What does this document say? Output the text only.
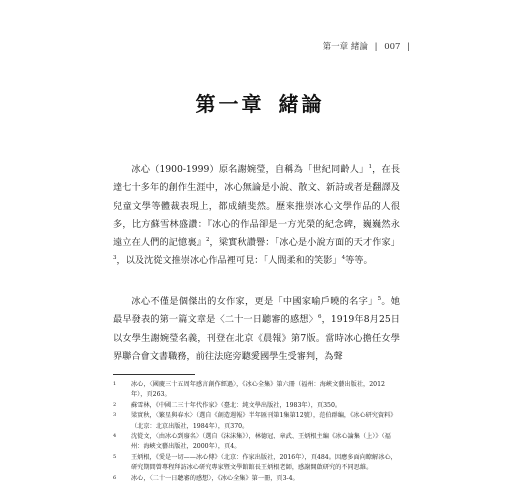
第一章 緒論 | 007 |
第一章 緒論

冰心（1900-1999）原名謝婉瑩，自稱為「世紀同齡人」$^1$，在長達七十多年的創作生涯中，冰心無論是小說、散文、新詩或者是翻譯及兒童文學等體裁表現上，都成績斐然。歷來推崇冰心文學作品的人很多，比方蘇雪林盛讚：『冰心的作品卻是一方光榮的紀念碑，巍巍然永遠立在人們的記憶裏』$^2$，梁實秋讚譽：「冰心是小說方面的天才作家」$^3$，以及沈從文推崇冰心作品裡可見：「人間柔和的笑影」$^4$等等。

冰心不僅是個傑出的女作家，更是「中國家喻戶曉的名字」$^5$。她最早發表的第一篇文章是〈二十一日聽審的感想〉$^6$，1919年8月25日以女學生謝婉瑩名義，刊登在北京《晨報》第7版。當時冰心擔任女學界聯合會文書職務，前往法庭旁聽愛國學生受審判，為聲

1	冰心，〈國慶三十五周年感言創作經過〉，《冰心全集》第六冊（福州：海峽文藝出版社，2012年），頁263。
2	蘇雪林，《中國二三十年代作家》（臺北：純文學出版社，1983年），頁350。
3	梁實秋，〈繁星與春水〉（選自《創造週報》半年匯刊第1集第12號），范伯群編，《冰心研究資料》（北京：北京出版社，1984年），頁370。
4	沈從文，〈由冰心到廢名〉（選自《沫沫集》），林德冠、章武、王炳根主編《冰心論集（上）》（福州：海峽文藝出版社，2000年），頁4。
5	王炳根，《愛是一切——冰心傳》（北京：作家出版社，2016年），頁484。因應多面向瞭解冰心，研究期間曾專程拜訪冰心研究專家暨文學館館長王炳根老師，感謝開啟研究的不同思維。
6	冰心，〈二十一日聽審的感想〉，《冰心全集》第一冊，頁3-4。
